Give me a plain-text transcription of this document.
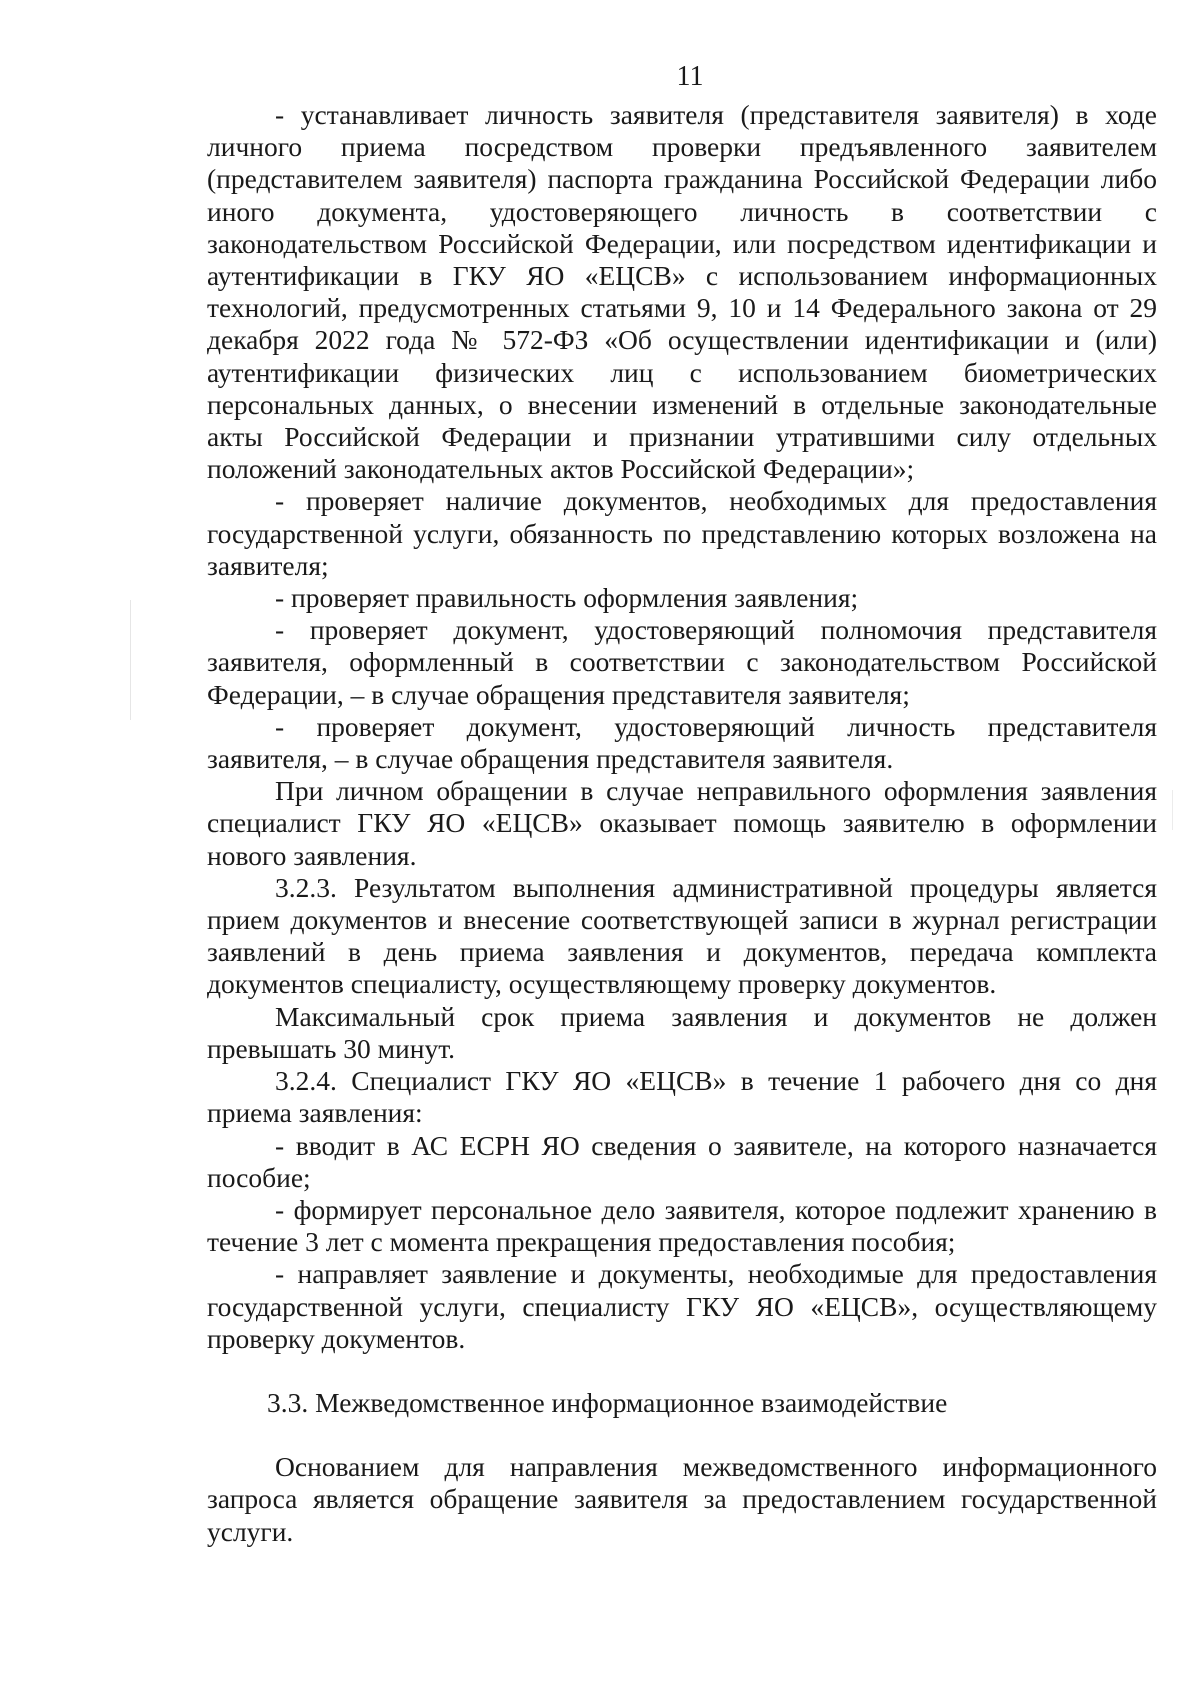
11

- устанавливает личность заявителя (представителя заявителя) в ходе личного приема посредством проверки предъявленного заявителем (представителем заявителя) паспорта гражданина Российской Федерации либо иного документа, удостоверяющего личность в соответствии с законодательством Российской Федерации, или посредством идентификации и аутентификации в ГКУ ЯО «ЕЦСВ» с использованием информационных технологий, предусмотренных статьями 9, 10 и 14 Федерального закона от 29 декабря 2022 года № 572-ФЗ «Об осуществлении идентификации и (или) аутентификации физических лиц с использованием биометрических персональных данных, о внесении изменений в отдельные законодательные акты Российской Федерации и признании утратившими силу отдельных положений законодательных актов Российской Федерации»;

- проверяет наличие документов, необходимых для предоставления государственной услуги, обязанность по представлению которых возложена на заявителя;

- проверяет правильность оформления заявления;

- проверяет документ, удостоверяющий полномочия представителя заявителя, оформленный в соответствии с законодательством Российской Федерации, – в случае обращения представителя заявителя;

- проверяет документ, удостоверяющий личность представителя заявителя, – в случае обращения представителя заявителя.

При личном обращении в случае неправильного оформления заявления специалист ГКУ ЯО «ЕЦСВ» оказывает помощь заявителю в оформлении нового заявления.

3.2.3. Результатом выполнения административной процедуры является прием документов и внесение соответствующей записи в журнал регистрации заявлений в день приема заявления и документов, передача комплекта документов специалисту, осуществляющему проверку документов.

Максимальный срок приема заявления и документов не должен превышать 30 минут.

3.2.4. Специалист ГКУ ЯО «ЕЦСВ» в течение 1 рабочего дня со дня приема заявления:

- вводит в АС ЕСРН ЯО сведения о заявителе, на которого назначается пособие;

- формирует персональное дело заявителя, которое подлежит хранению в течение 3 лет с момента прекращения предоставления пособия;

- направляет заявление и документы, необходимые для предоставления государственной услуги, специалисту ГКУ ЯО «ЕЦСВ», осуществляющему проверку документов.

3.3. Межведомственное информационное взаимодействие

Основанием для направления межведомственного информационного запроса является обращение заявителя за предоставлением государственной услуги.
